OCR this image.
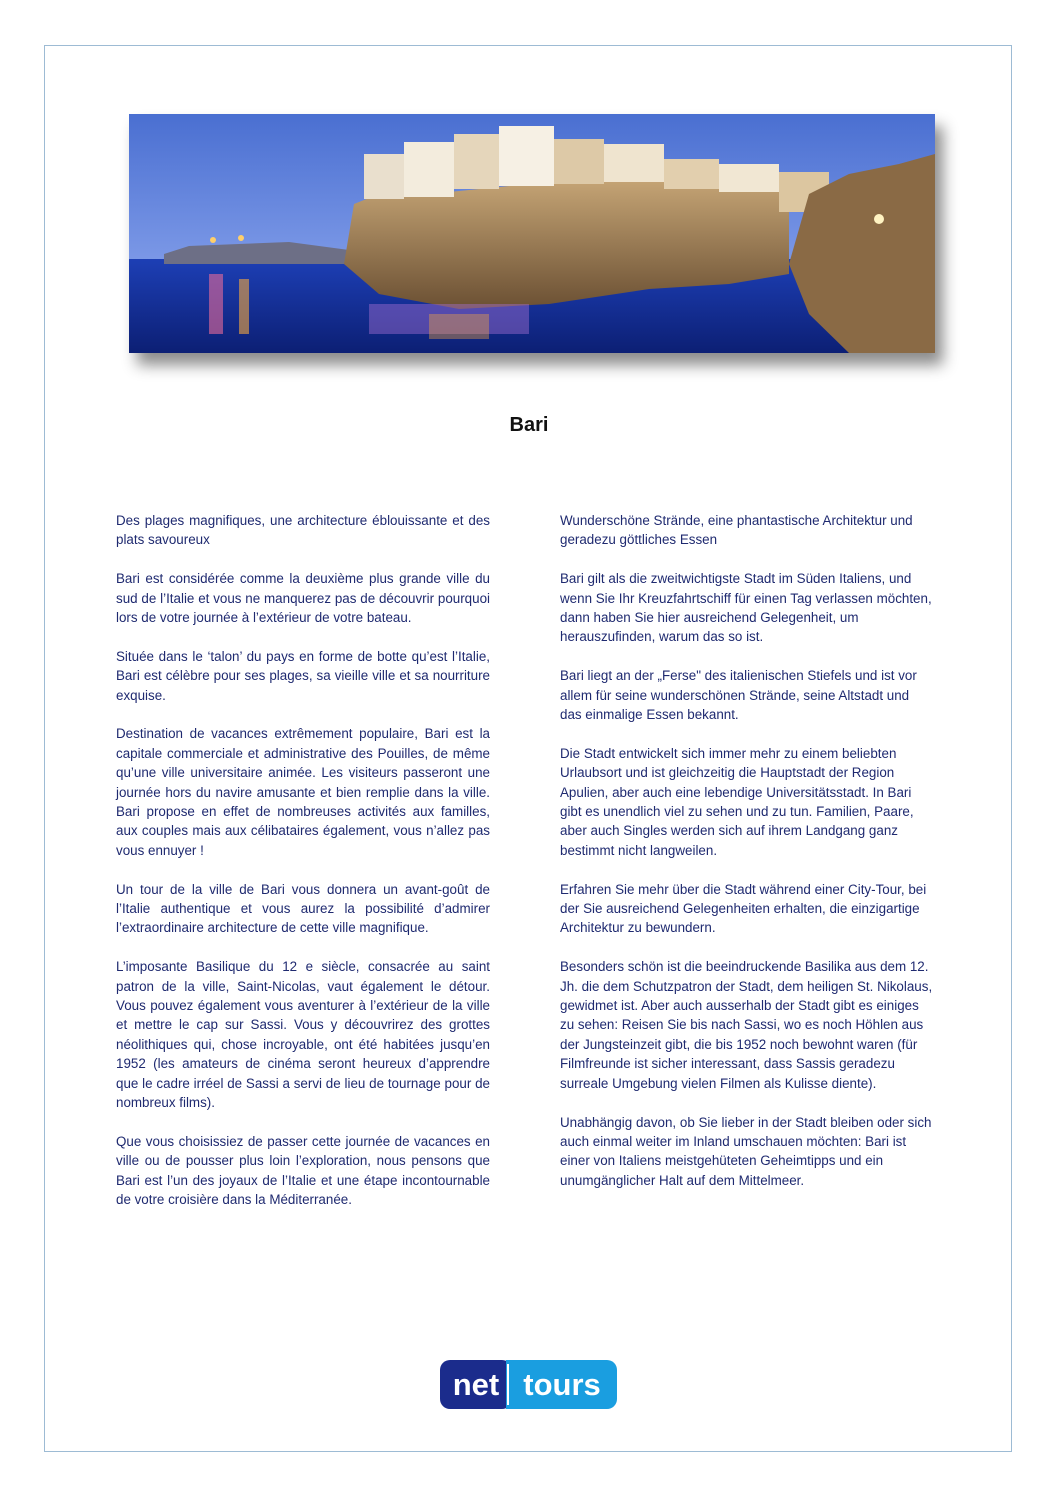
Bari

Des plages magnifiques, une architecture éblouissante et des plats savoureux

Bari est considérée comme la deuxième plus grande ville du sud de l’Italie et vous ne manquerez pas de découvrir pourquoi lors de votre journée à l’extérieur de votre bateau.

Située dans le ‘talon’ du pays en forme de botte qu’est l’Italie, Bari est célèbre pour ses plages, sa vieille ville et sa nourriture exquise.

Destination de vacances extrêmement populaire, Bari est la capitale commerciale et administrative des Pouilles, de même qu’une ville universitaire animée. Les visiteurs passeront une journée hors du navire amusante et bien remplie dans la ville. Bari propose en effet de nombreuses activités aux familles, aux couples mais aux célibataires également, vous n’allez pas vous ennuyer !

Un tour de la ville de Bari vous donnera un avant-goût de l’Italie authentique et vous aurez la possibilité d’admirer l’extraordinaire architecture de cette ville magnifique.

L’imposante Basilique du 12 e siècle, consacrée au saint patron de la ville, Saint-Nicolas, vaut également le détour. Vous pouvez également vous aventurer à l’extérieur de la ville et mettre le cap sur Sassi. Vous y découvrirez des grottes néolithiques qui, chose incroyable, ont été habitées jusqu’en 1952 (les amateurs de cinéma seront heureux d’apprendre que le cadre irréel de Sassi a servi de lieu de tournage pour de nombreux films).

Que vous choisissiez de passer cette journée de vacances en ville ou de pousser plus loin l’exploration, nous pensons que Bari est l’un des joyaux de l’Italie et une étape incontournable de votre croisière dans la Méditerranée.

Wunderschöne Strände, eine phantastische Architektur und geradezu göttliches Essen

Bari gilt als die zweitwichtigste Stadt im Süden Italiens, und wenn Sie Ihr Kreuzfahrtschiff für einen Tag verlassen möchten, dann haben Sie hier ausreichend Gelegenheit, um herauszufinden, warum das so ist.

Bari liegt an der „Ferse" des italienischen Stiefels und ist vor allem für seine wunderschönen Strände, seine Altstadt und das einmalige Essen bekannt.

Die Stadt entwickelt sich immer mehr zu einem beliebten Urlaubsort und ist gleichzeitig die Hauptstadt der Region Apulien, aber auch eine lebendige Universitätsstadt. In Bari gibt es unendlich viel zu sehen und zu tun. Familien, Paare, aber auch Singles werden sich auf ihrem Landgang ganz bestimmt nicht langweilen.

Erfahren Sie mehr über die Stadt während einer City-Tour, bei der Sie ausreichend Gelegenheiten erhalten, die einzigartige Architektur zu bewundern.

Besonders schön ist die beeindruckende Basilika aus dem 12. Jh. die dem Schutzpatron der Stadt, dem heiligen St. Nikolaus, gewidmet ist. Aber auch ausserhalb der Stadt gibt es einiges zu sehen: Reisen Sie bis nach Sassi, wo es noch Höhlen aus der Jungsteinzeit gibt, die bis 1952 noch bewohnt waren (für Filmfreunde ist sicher interessant, dass Sassis geradezu surreale Umgebung vielen Filmen als Kulisse diente).

Unabhängig davon, ob Sie lieber in der Stadt bleiben oder sich auch einmal weiter im Inland umschauen möchten: Bari ist einer von Italiens meistgehüteten Geheimtipps und ein unumgänglicher Halt auf dem Mittelmeer.

net tours
